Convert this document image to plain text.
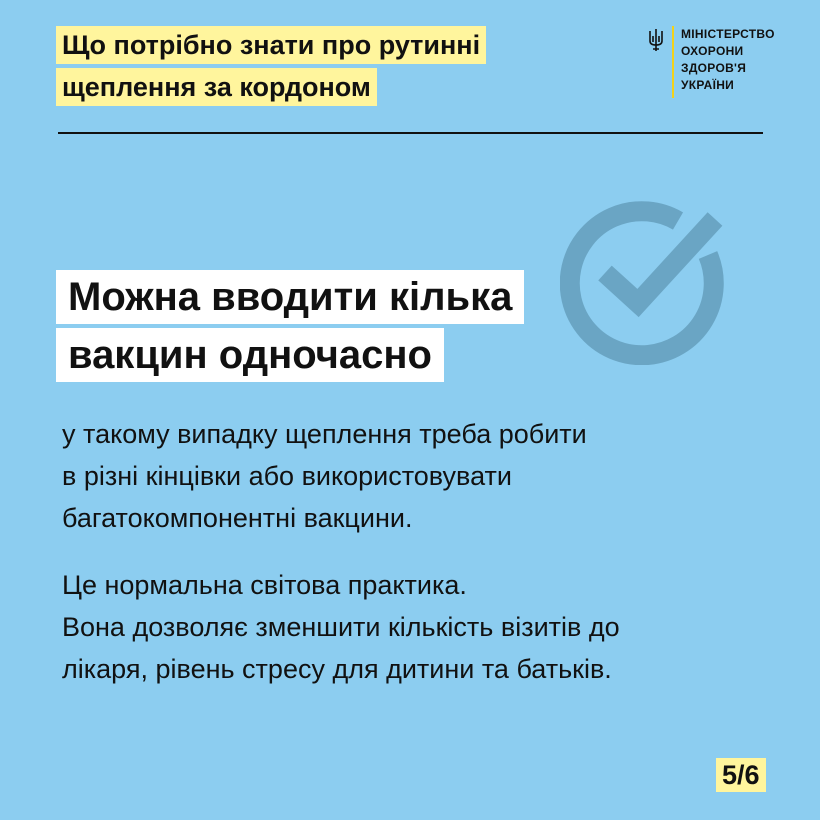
Що потрібно знати про рутинні
щеплення за кордоном
МІНІСТЕРСТВО
ОХОРОНИ
ЗДОРОВ'Я
УКРАЇНИ
Можна вводити кілька
вакцин одночасно
у такому випадку щеплення треба робити
в різні кінцівки або використовувати
багатокомпонентні вакцини.
Це нормальна світова практика.
Вона дозволяє зменшити кількість візитів до
лікаря, рівень стресу для дитини та батьків.
5/6
